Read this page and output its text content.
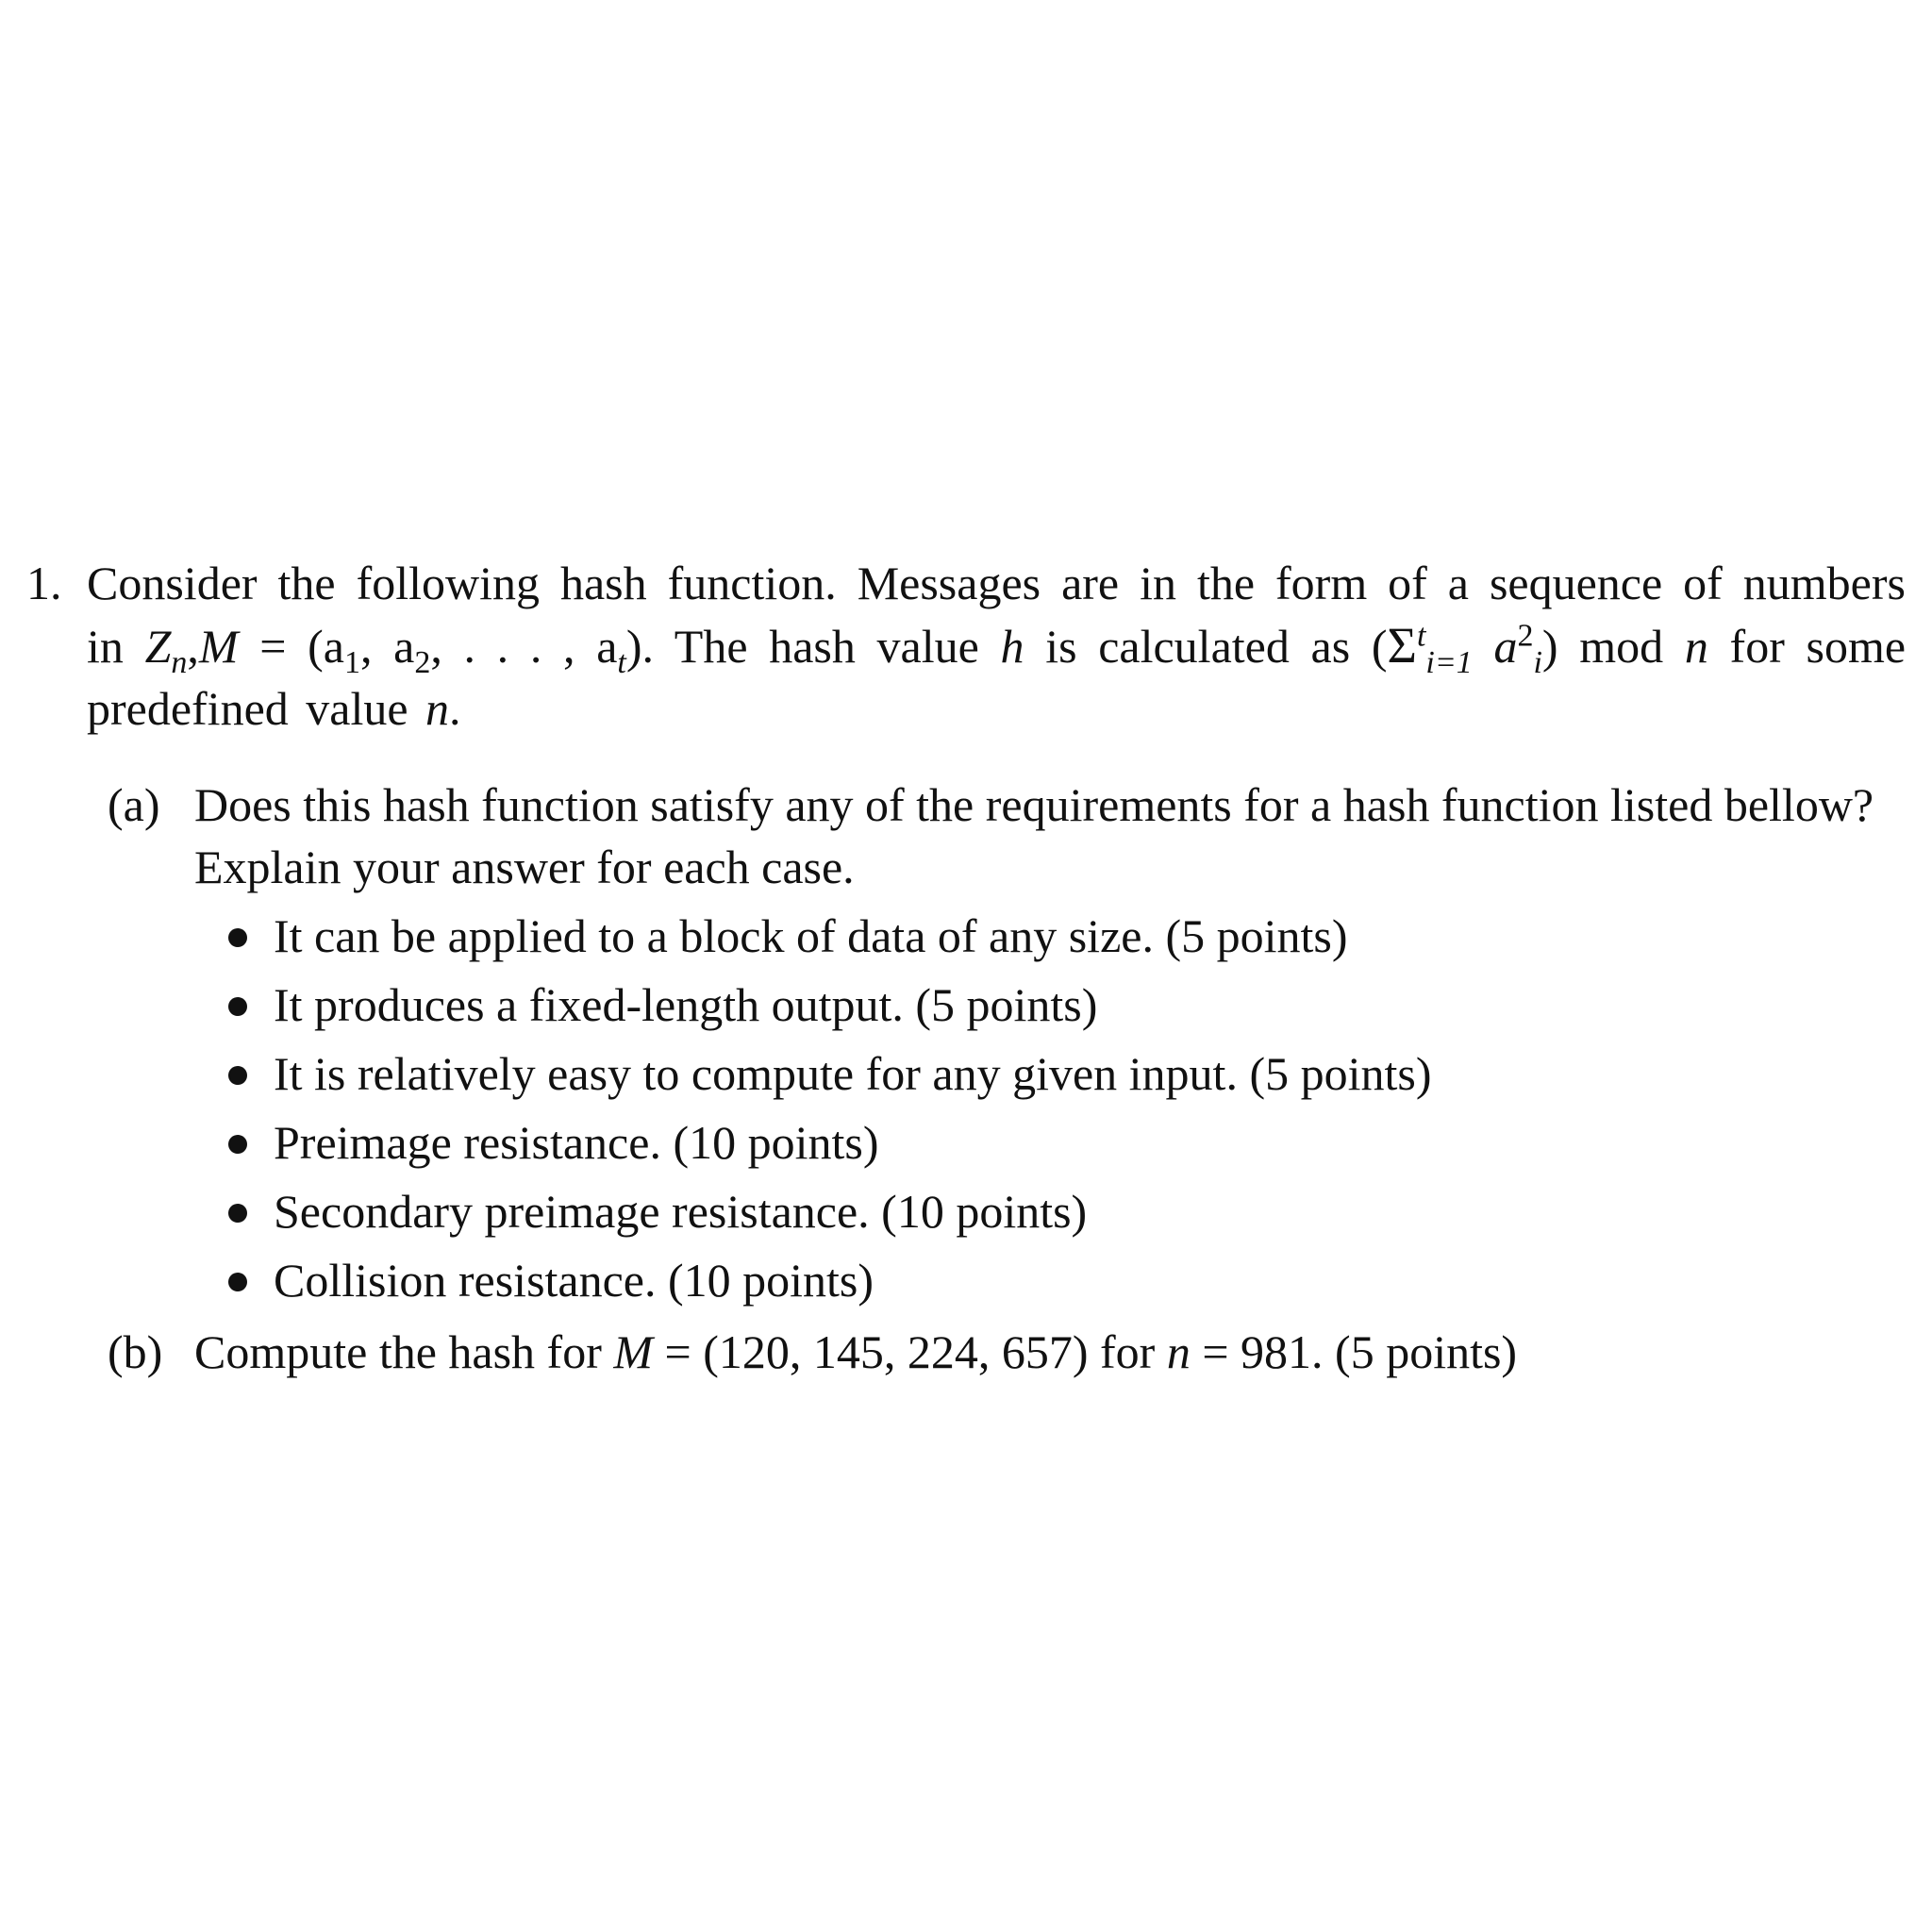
1. Consider the following hash function. Messages are in the form of a sequence of numbers in $Z_n,M = (a_1$, $a_2$, . . . , $a_t$). The hash value h is calculated as ($\Sigma^t_{i=1}$ $a^2_i$) mod n for some predefined value n.
(a) Does this hash function satisfy any of the requirements for a hash function listed bellow? Explain your answer for each case.
It can be applied to a block of data of any size. (5 points)
It produces a fixed-length output. (5 points)
It is relatively easy to compute for any given input. (5 points)
Preimage resistance. (10 points)
Secondary preimage resistance. (10 points)
Collision resistance. (10 points)
(b) Compute the hash for M = (120, 145, 224, 657) for n = 981. (5 points)
